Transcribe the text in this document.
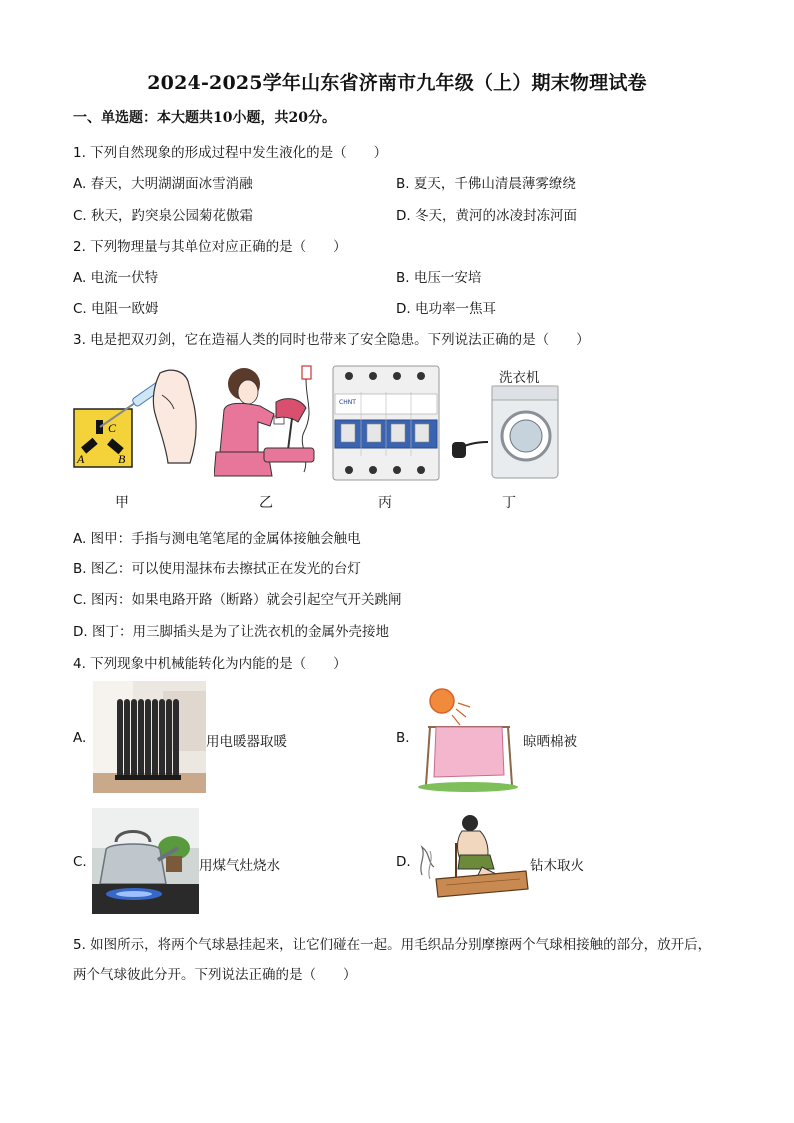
2024-2025学年山东省济南市九年级（上）期末物理试卷
一、单选题：本大题共10小题，共20分。
1. 下列自然现象的形成过程中发生液化的是（　　）
A. 春天，大明湖湖面冰雪消融	B. 夏天，千佛山清晨薄雾缭绕
C. 秋天，趵突泉公园菊花傲霜	D. 冬天，黄河的冰凌封冻河面
2. 下列物理量与其单位对应正确的是（　　）
A. 电流一伏特	B. 电压一安培
C. 电阻一欧姆	D. 电功率一焦耳
3. 电是把双刃剑，它在造福人类的同时也带来了安全隐患。下列说法正确的是（　　）
C
A	B
CHNT
洗衣机
甲	乙	丙	丁
A. 图甲：手指与测电笔笔尾的金属体接触会触电
B. 图乙：可以使用湿抹布去擦拭正在发光的台灯
C. 图丙：如果电路开路（断路）就会引起空气开关跳闸
D. 图丁：用三脚插头是为了让洗衣机的金属外壳接地
4. 下列现象中机械能转化为内能的是（　　）
A.	用电暖器取暖	B.	晾晒棉被
C.	用煤气灶烧水	D.	钻木取火
5. 如图所示，将两个气球悬挂起来，让它们碰在一起。用毛织品分别摩擦两个气球相接触的部分，放开后，
两个气球彼此分开。下列说法正确的是（　　）
